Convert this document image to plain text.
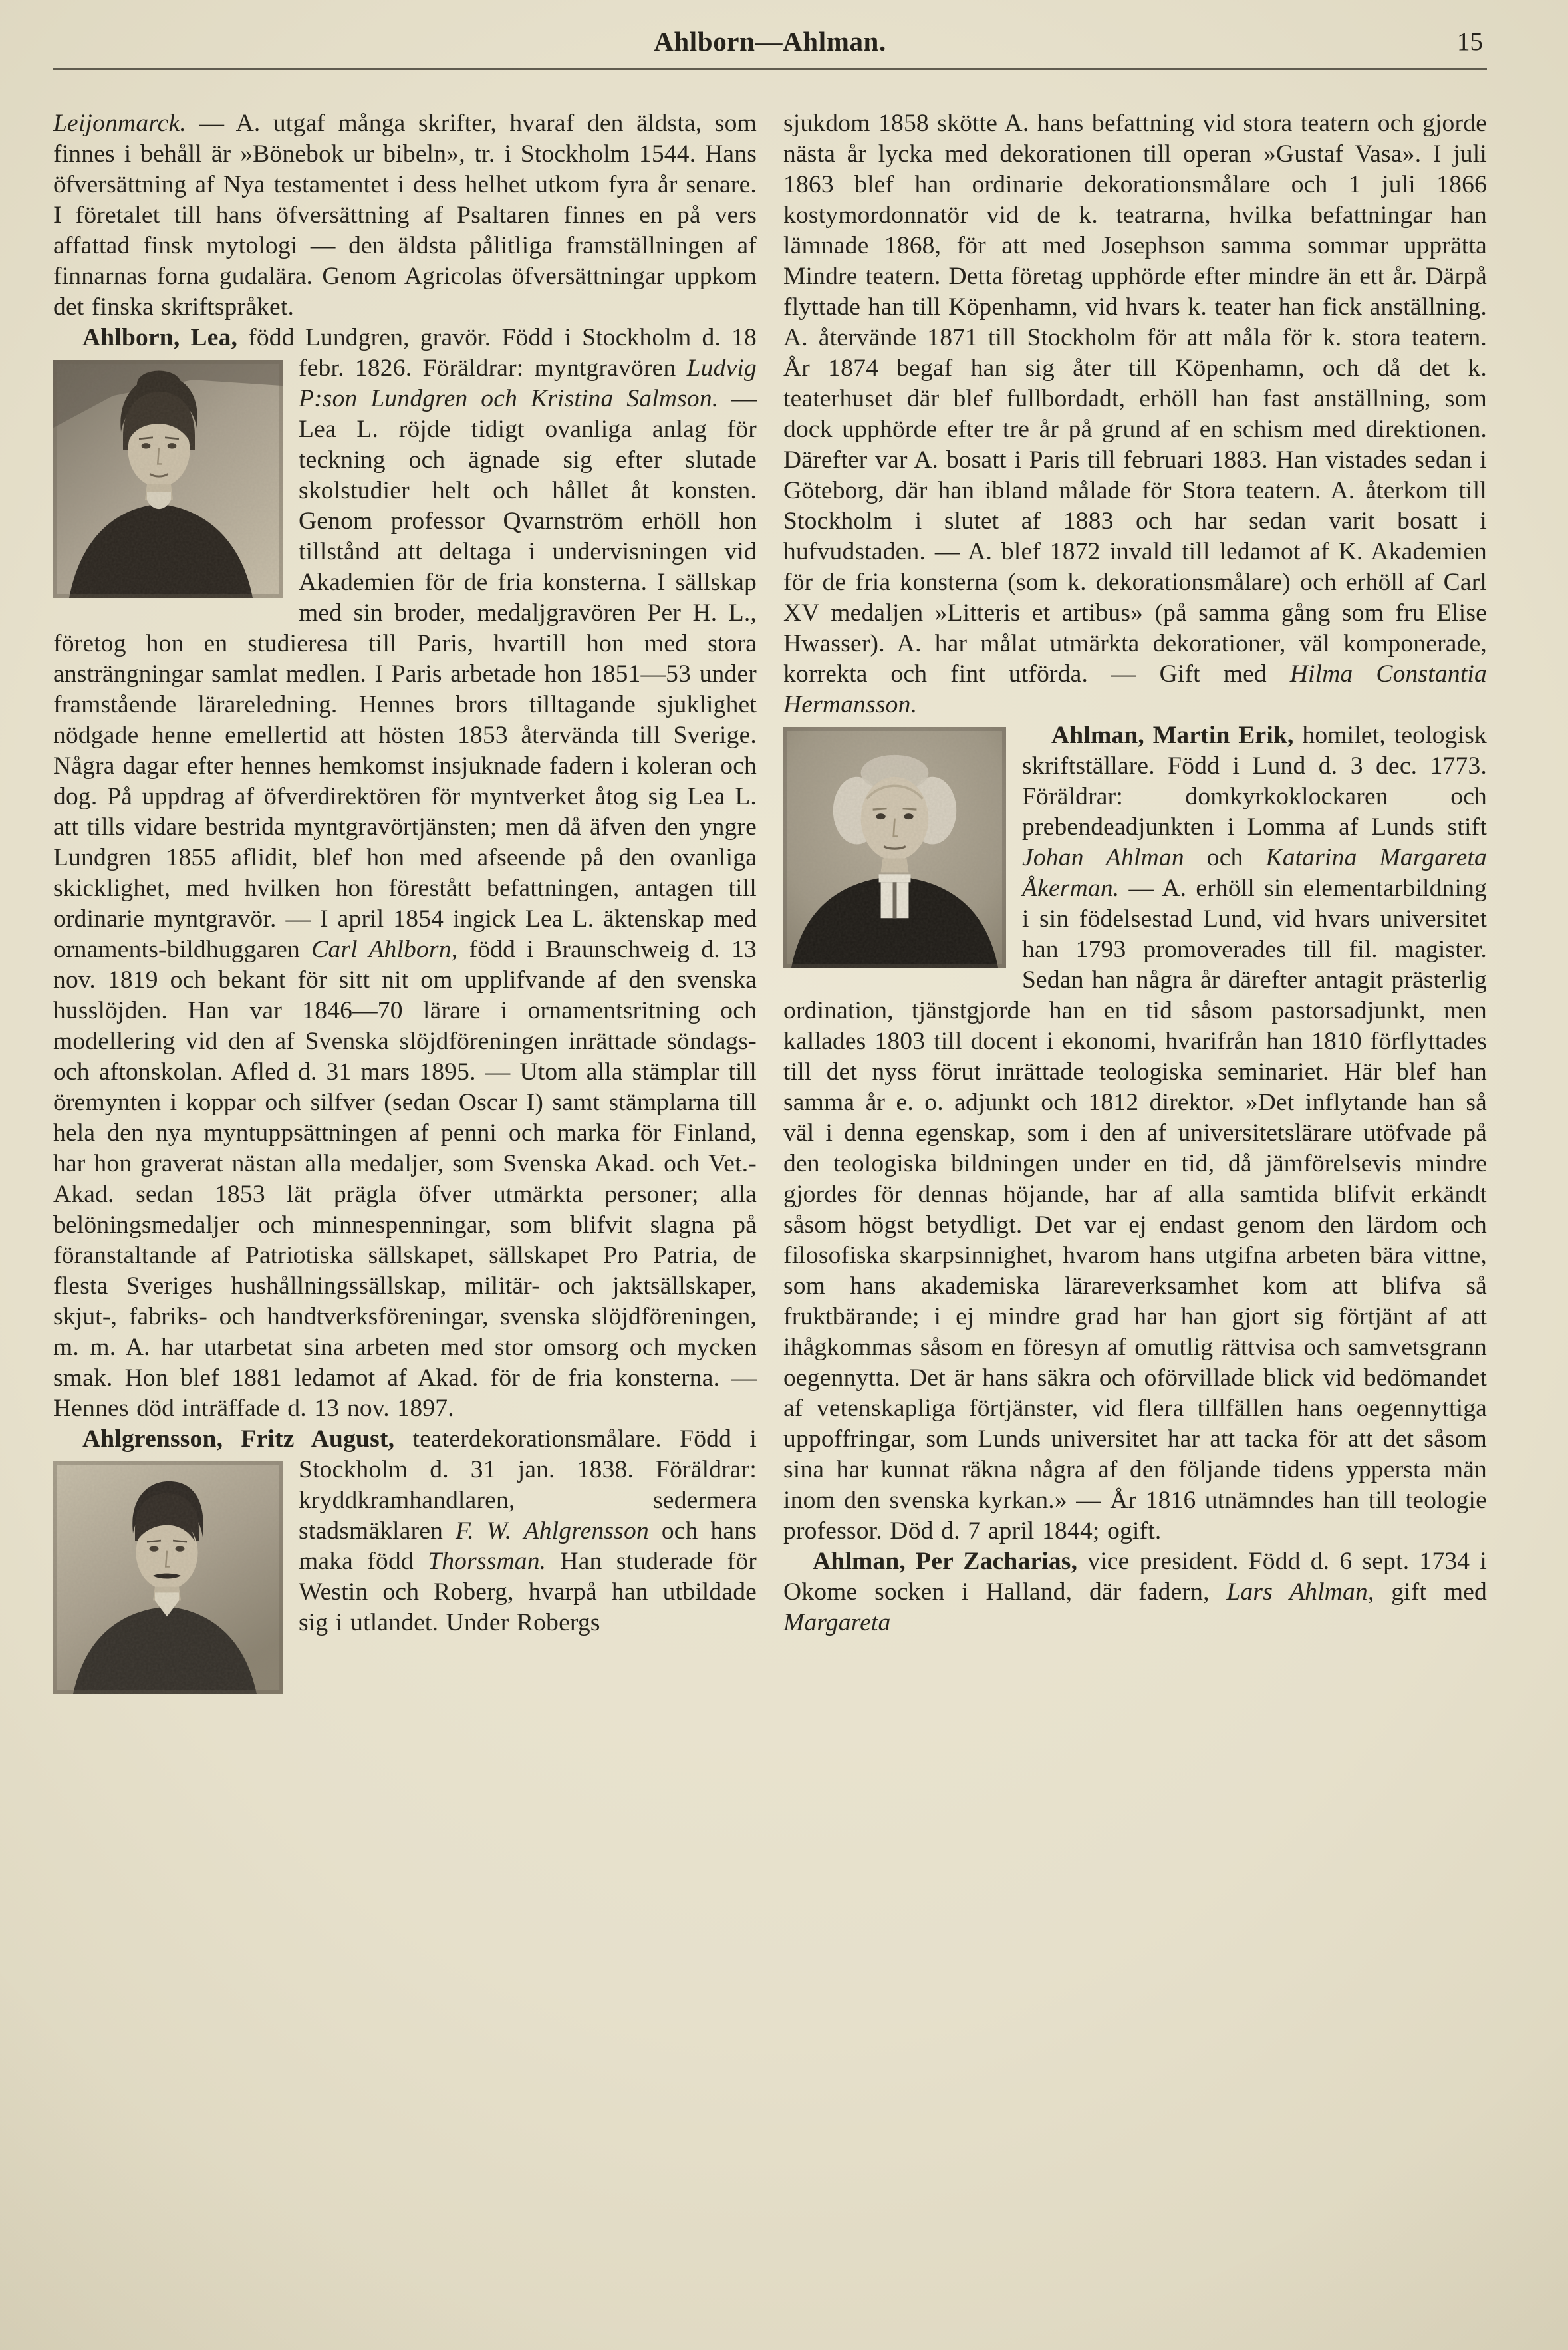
Ahlborn—Ahlman.	15

Leijonmarck. — A. utgaf många skrifter, hvaraf den äldsta, som finnes i behåll är »Bönebok ur bibeln», tr. i Stockholm 1544. Hans öfversättning af Nya testamentet i dess helhet utkom fyra år senare. I företalet till hans öfversättning af Psaltaren finnes en på vers affattad finsk mytologi — den äldsta pålitliga framställningen af finnarnas forna gudalära. Genom Agricolas öfversättningar uppkom det finska skriftspråket.

Ahlborn, Lea, född Lundgren, gravör. Född
i Stockholm d. 18 febr. 1826. Föräldrar: myntgravören Ludvig P:son Lundgren och Kristina Salmson. — Lea L. röjde tidigt ovanliga anlag för teckning och ägnade sig efter slutade skolstudier helt och hållet åt konsten. Genom professor Qvarnström erhöll hon tillstånd att deltaga i undervisningen vid Akademien för de fria konsterna. I sällskap med sin broder, medaljgravören Per H. L., företog hon en studieresa till Paris, hvartill hon med stora ansträngningar samlat medlen. I Paris arbetade hon 1851—53 under framstående lärareledning. Hennes brors tilltagande sjuklighet nödgade henne emellertid att hösten 1853 återvända till Sverige. Några dagar efter hennes hemkomst insjuknade fadern i koleran och dog. På uppdrag af öfverdirektören för myntverket åtog sig Lea L. att tills vidare bestrida myntgravörtjänsten; men då äfven den yngre Lundgren 1855 aflidit, blef hon med afseende på den ovanliga skicklighet, med hvilken hon förestått befattningen, antagen till ordinarie myntgravör. — I april 1854 ingick Lea L. äktenskap med ornaments-bildhuggaren Carl Ahlborn, född i Braunschweig d. 13 nov. 1819 och bekant för sitt nit om upplifvande af den svenska husslöjden. Han var 1846—70 lärare i ornamentsritning och modellering vid den af Svenska slöjdföreningen inrättade söndags- och aftonskolan. Afled d. 31 mars 1895. — Utom alla stämplar till öremynten i koppar och silfver (sedan Oscar I) samt stämplarna till hela den nya myntuppsättningen af penni och marka för Finland, har hon graverat nästan alla medaljer, som Svenska Akad. och Vet.-Akad. sedan 1853 lät prägla öfver utmärkta personer; alla belöningsmedaljer och minnespenningar, som blifvit slagna på föranstaltande af Patriotiska sällskapet, sällskapet Pro Patria, de flesta Sveriges hushållningssällskap, militär- och jaktsällskaper, skjut-, fabriks- och handtverksföreningar, svenska slöjdföreningen, m. m. A. har utarbetat sina arbeten med stor omsorg och mycken smak. Hon blef 1881 ledamot af Akad. för de fria konsterna. — Hennes död inträffade d. 13 nov. 1897.

Ahlgrensson, Fritz August, teaterdekorationsmålare.
Född i Stockholm d. 31 jan. 1838. Föräldrar: kryddkramhandlaren, sedermera stadsmäklaren F. W. Ahlgrensson och hans maka född Thorssman. Han studerade för Westin och Roberg, hvarpå han utbildade sig i utlandet. Under Robergs

sjukdom 1858 skötte A. hans befattning vid stora teatern och gjorde nästa år lycka med dekorationen till operan »Gustaf Vasa». I juli 1863 blef han ordinarie dekorationsmålare och 1 juli 1866 kostymordonnatör vid de k. teatrarna, hvilka befattningar han lämnade 1868, för att med Josephson samma sommar upprätta Mindre teatern. Detta företag upphörde efter mindre än ett år. Därpå flyttade han till Köpenhamn, vid hvars k. teater han fick anställning. A. återvände 1871 till Stockholm för att måla för k. stora teatern. År 1874 begaf han sig åter till Köpenhamn, och då det k. teaterhuset där blef fullbordadt, erhöll han fast anställning, som dock upphörde efter tre år på grund af en schism med direktionen. Därefter var A. bosatt i Paris till februari 1883. Han vistades sedan i Göteborg, där han ibland målade för Stora teatern. A. återkom till Stockholm i slutet af 1883 och har sedan varit bosatt i hufvudstaden. — A. blef 1872 invald till ledamot af K. Akademien för de fria konsterna (som k. dekorationsmålare) och erhöll af Carl XV medaljen »Litteris et artibus» (på samma gång som fru Elise Hwasser). A. har målat utmärkta dekorationer, väl komponerade, korrekta och fint utförda. — Gift med Hilma Constantia Hermansson.

Ahlman, Martin Erik, homilet, teologisk
skriftställare. Född i Lund d. 3 dec. 1773. Föräldrar: domkyrkoklockaren och prebendeadjunkten i Lomma af Lunds stift Johan Ahlman och Katarina Margareta Åkerman. — A. erhöll sin elementarbildning i sin födelsestad Lund, vid hvars universitet han 1793 promoverades till fil. magister. Sedan han några år därefter antagit prästerlig ordination, tjänstgjorde han en tid såsom pastorsadjunkt, men kallades 1803 till docent i ekonomi, hvarifrån han 1810 förflyttades till det nyss förut inrättade teologiska seminariet. Här blef han samma år e. o. adjunkt och 1812 direktor. »Det inflytande han så väl i denna egenskap, som i den af universitetslärare utöfvade på den teologiska bildningen under en tid, då jämförelsevis mindre gjordes för dennas höjande, har af alla samtida blifvit erkändt såsom högst betydligt. Det var ej endast genom den lärdom och filosofiska skarpsinnighet, hvarom hans utgifna arbeten bära vittne, som hans akademiska lärareverksamhet kom att blifva så fruktbärande; i ej mindre grad har han gjort sig förtjänt af att ihågkommas såsom en föresyn af omutlig rättvisa och samvetsgrann oegennytta. Det är hans säkra och oförvillade blick vid bedömandet af vetenskapliga förtjänster, vid flera tillfällen hans oegennyttiga uppoffringar, som Lunds universitet har att tacka för att det såsom sina har kunnat räkna några af den följande tidens yppersta män inom den svenska kyrkan.» — År 1816 utnämndes han till teologie professor. Död d. 7 april 1844; ogift.

Ahlman, Per Zacharias, vice president. Född d. 6 sept. 1734 i Okome socken i Halland, där fadern, Lars Ahlman, gift med Margareta
